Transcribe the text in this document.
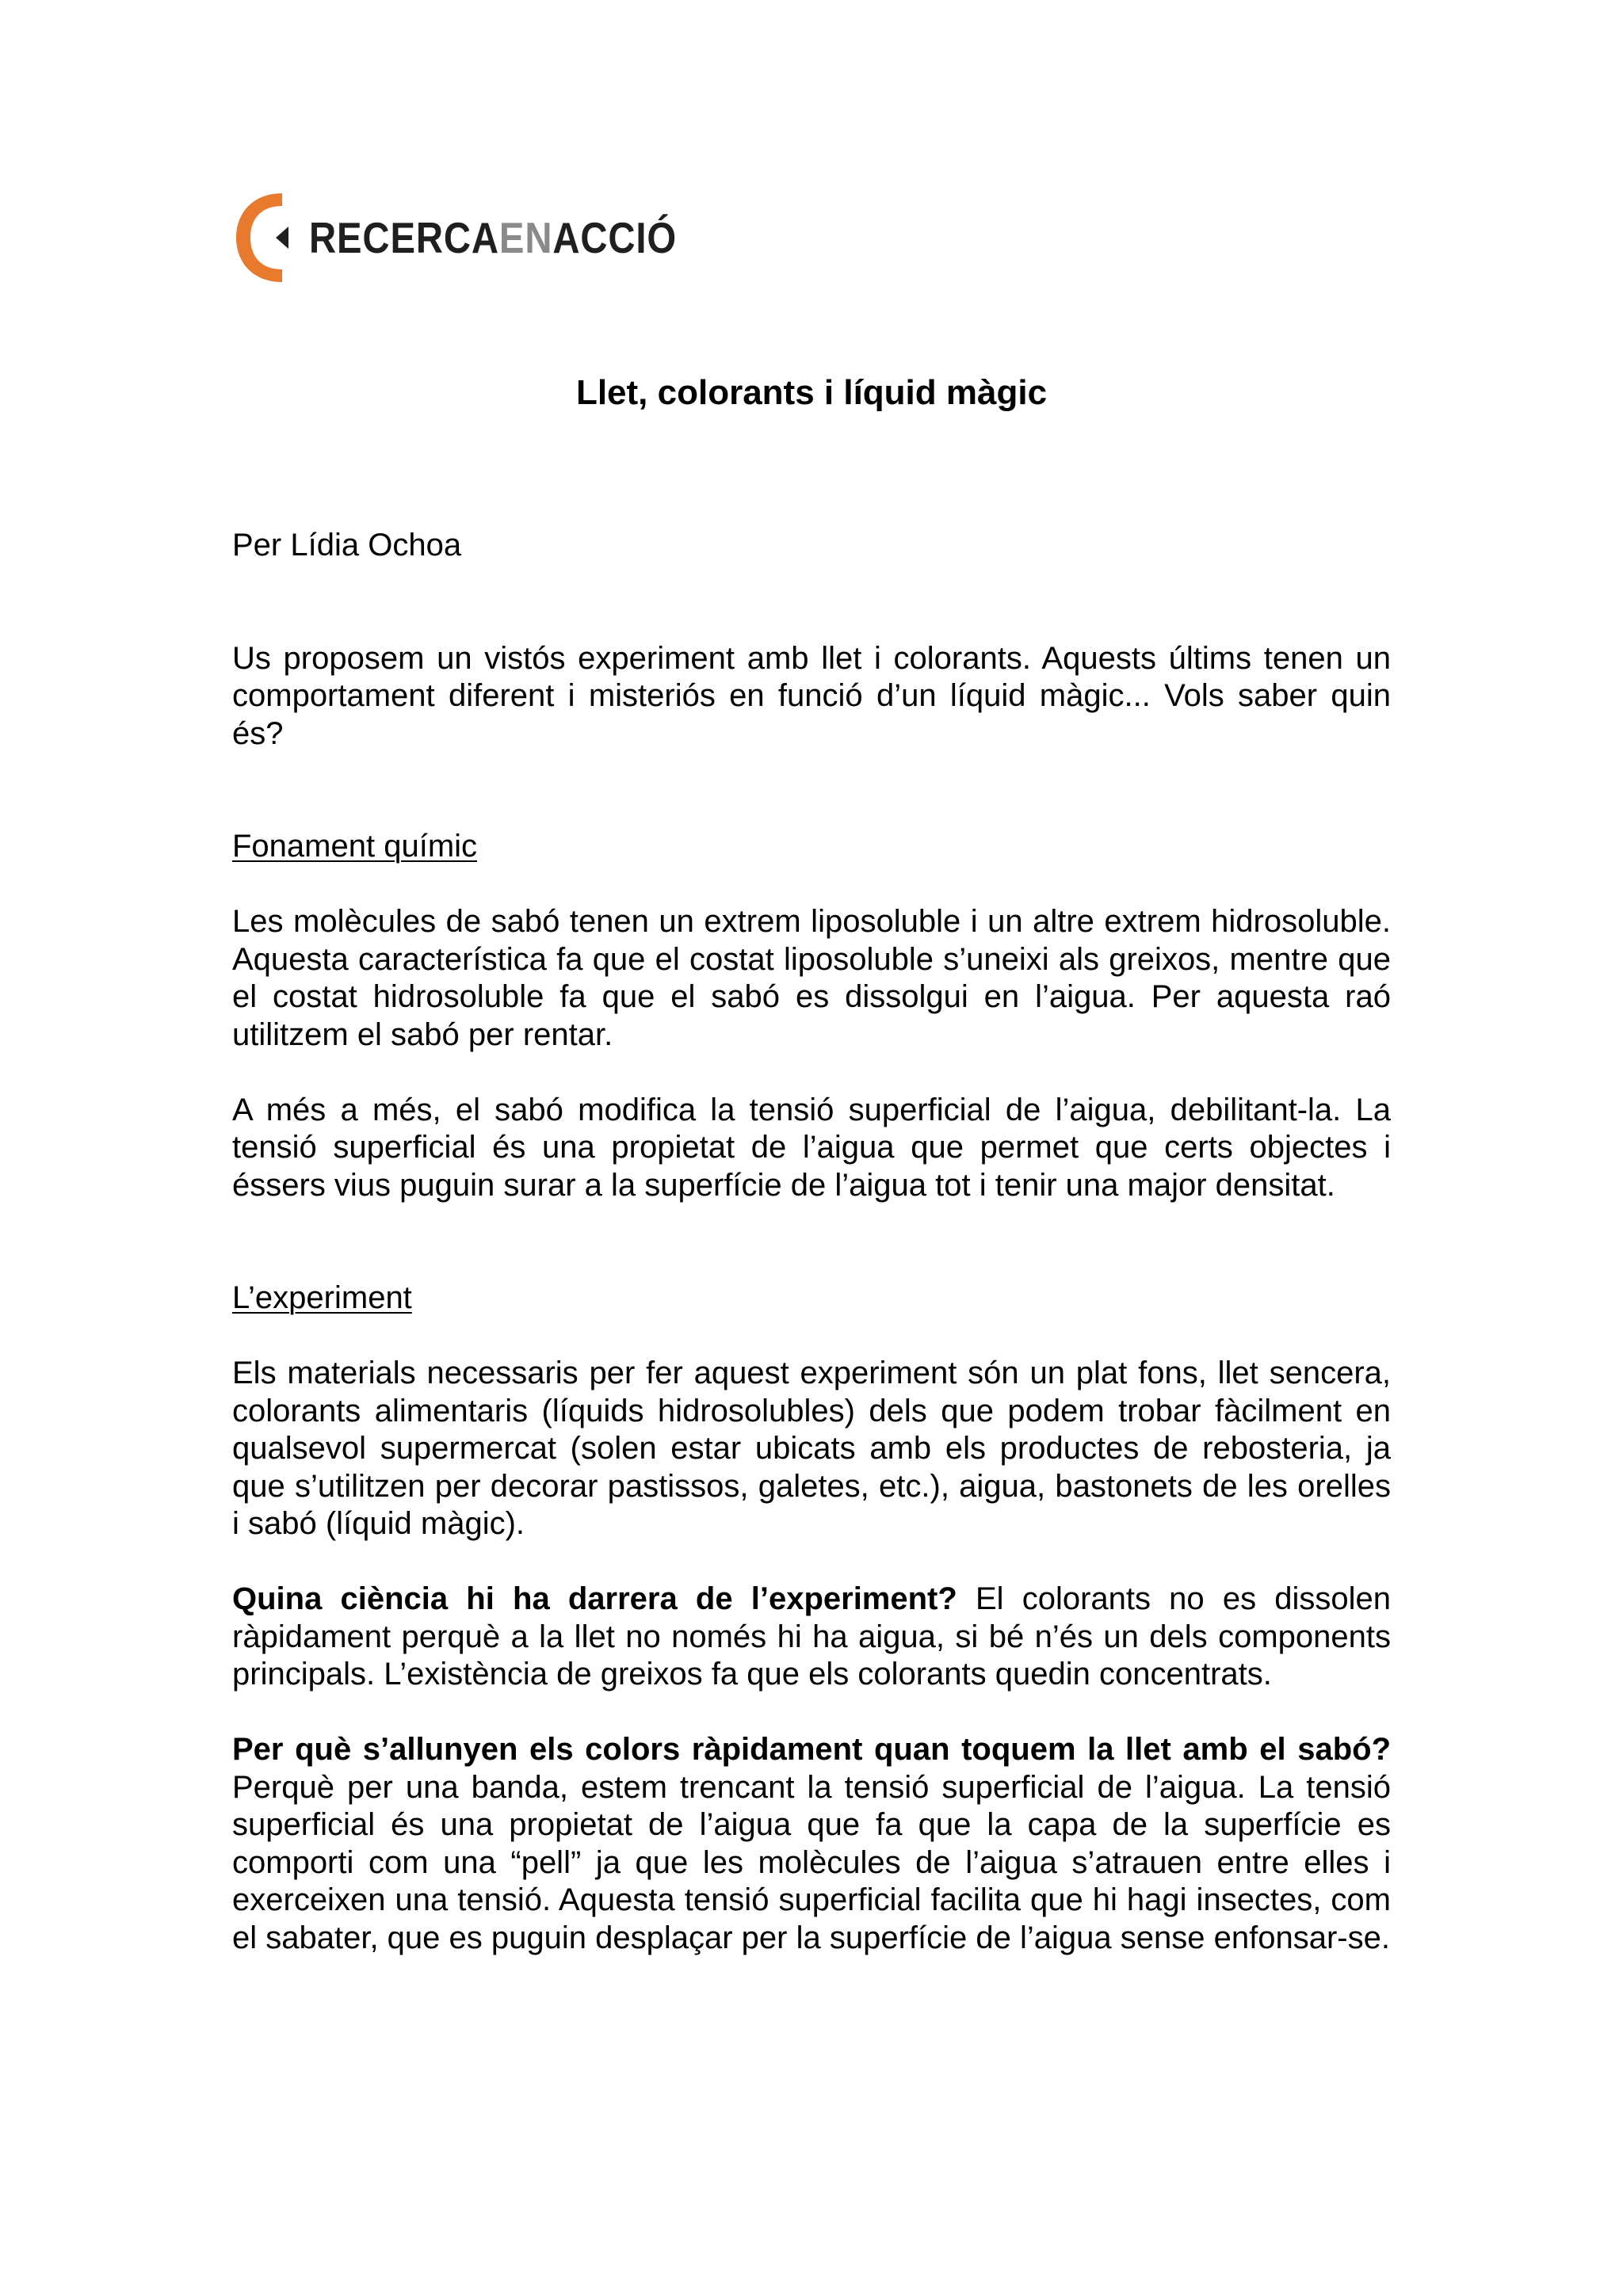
RECERCAENACCIÓ
Llet, colorants i líquid màgic

Per Lídia Ochoa

Us proposem un vistós experiment amb llet i colorants. Aquests últims tenen un comportament diferent i misteriós en funció d’un líquid màgic... Vols saber quin és?

Fonament químic

Les molècules de sabó tenen un extrem liposoluble i un altre extrem hidrosoluble. Aquesta característica fa que el costat liposoluble s’uneixi als greixos, mentre que el costat hidrosoluble fa que el sabó es dissolgui en l’aigua. Per aquesta raó utilitzem el sabó per rentar.

A més a més, el sabó modifica la tensió superficial de l’aigua, debilitant-la. La tensió superficial és una propietat de l’aigua que permet que certs objectes i éssers vius puguin surar a la superfície de l’aigua tot i tenir una major densitat.

L’experiment

Els materials necessaris per fer aquest experiment són un plat fons, llet sencera, colorants alimentaris (líquids hidrosolubles) dels que podem trobar fàcilment en qualsevol supermercat (solen estar ubicats amb els productes de rebosteria, ja que s’utilitzen per decorar pastissos, galetes, etc.), aigua, bastonets de les orelles i sabó (líquid màgic).

Quina ciència hi ha darrera de l’experiment? El colorants no es dissolen ràpidament perquè a la llet no només hi ha aigua, si bé n’és un dels components principals. L’existència de greixos fa que els colorants quedin concentrats.

Per què s’allunyen els colors ràpidament quan toquem la llet amb el sabó? Perquè per una banda, estem trencant la tensió superficial de l’aigua. La tensió superficial és una propietat de l’aigua que fa que la capa de la superfície es comporti com una “pell” ja que les molècules de l’aigua s’atrauen entre elles i exerceixen una tensió. Aquesta tensió superficial facilita que hi hagi insectes, com el sabater, que es puguin desplaçar per la superfície de l’aigua sense enfonsar-se.
